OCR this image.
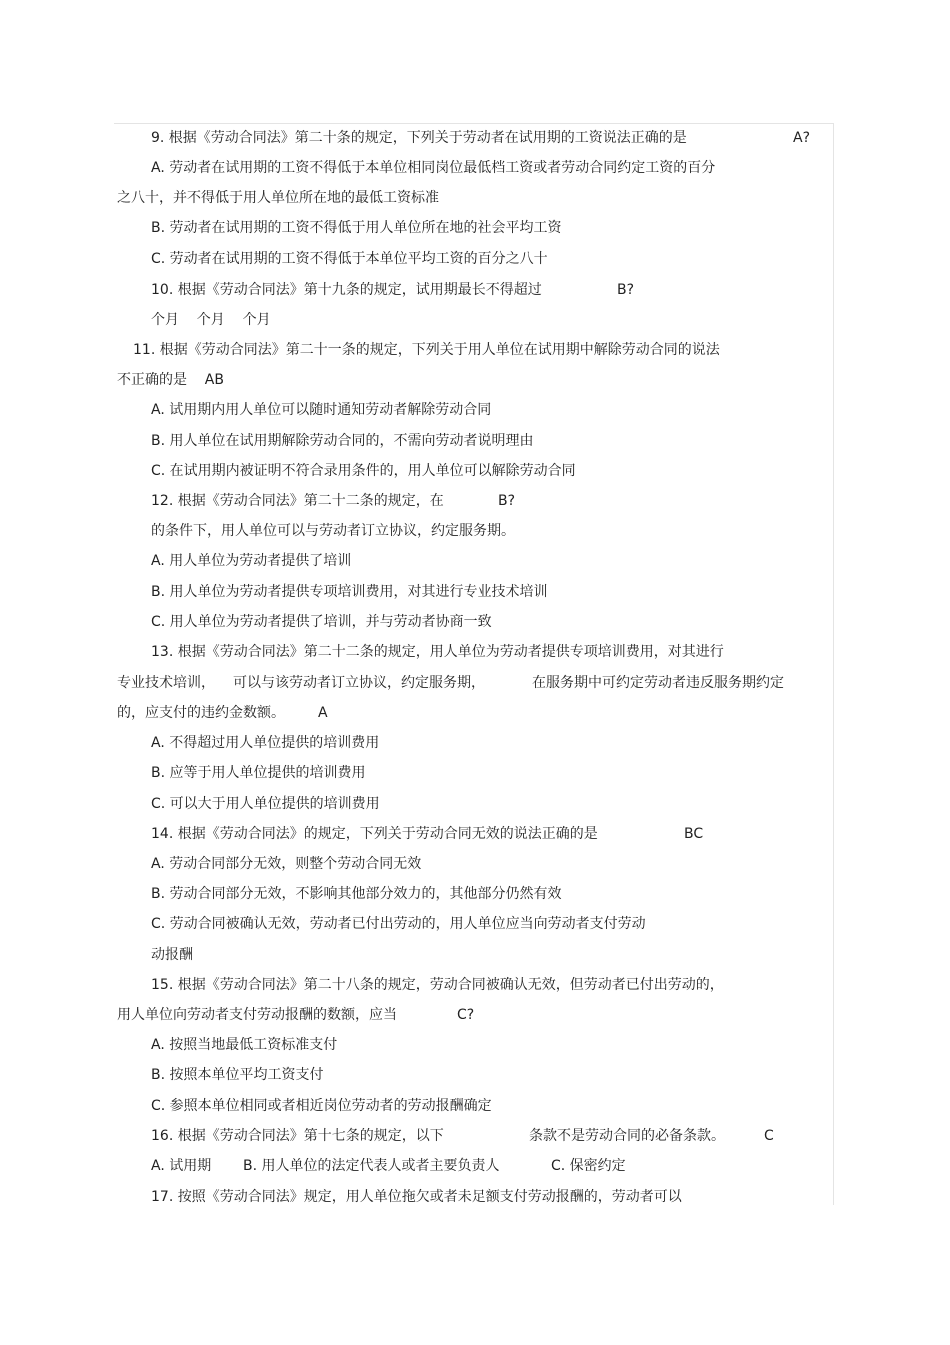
9. 根据《劳动合同法》第二十条的规定，下列关于劳动者在试用期的工资说法正确的是	A?
A. 劳动者在试用期的工资不得低于本单位相同岗位最低档工资或者劳动合同约定工资的百分
之八十，并不得低于用人单位所在地的最低工资标准
B. 劳动者在试用期的工资不得低于用人单位所在地的社会平均工资
C. 劳动者在试用期的工资不得低于本单位平均工资的百分之八十
10. 根据《劳动合同法》第十九条的规定，试用期最长不得超过	B?
个月    个月    个月
11. 根据《劳动合同法》第二十一条的规定，下列关于用人单位在试用期中解除劳动合同的说法
不正确的是    AB
A. 试用期内用人单位可以随时通知劳动者解除劳动合同
B. 用人单位在试用期解除劳动合同的，不需向劳动者说明理由
C. 在试用期内被证明不符合录用条件的，用人单位可以解除劳动合同
12. 根据《劳动合同法》第二十二条的规定，在	B?
的条件下，用人单位可以与劳动者订立协议，约定服务期。
A. 用人单位为劳动者提供了培训
B. 用人单位为劳动者提供专项培训费用，对其进行专业技术培训
C. 用人单位为劳动者提供了培训，并与劳动者协商一致
13. 根据《劳动合同法》第二十二条的规定，用人单位为劳动者提供专项培训费用，对其进行
专业技术培训， 可以与该劳动者订立协议，约定服务期，	在服务期中可约定劳动者违反服务期约定
的，应支付的违约金数额。 A
A. 不得超过用人单位提供的培训费用
B. 应等于用人单位提供的培训费用
C. 可以大于用人单位提供的培训费用
14. 根据《劳动合同法》的规定，下列关于劳动合同无效的说法正确的是	BC
A. 劳动合同部分无效，则整个劳动合同无效
B. 劳动合同部分无效，不影响其他部分效力的，其他部分仍然有效
C. 劳动合同被确认无效，劳动者已付出劳动的，用人单位应当向劳动者支付劳动
动报酬
15. 根据《劳动合同法》第二十八条的规定，劳动合同被确认无效，但劳动者已付出劳动的，
用人单位向劳动者支付劳动报酬的数额，应当	C?
A. 按照当地最低工资标准支付
B. 按照本单位平均工资支付
C. 参照本单位相同或者相近岗位劳动者的劳动报酬确定
16. 根据《劳动合同法》第十七条的规定，以下	条款不是劳动合同的必备条款。	C
A. 试用期 B. 用人单位的法定代表人或者主要负责人	C. 保密约定
17. 按照《劳动合同法》规定，用人单位拖欠或者未足额支付劳动报酬的，劳动者可以
